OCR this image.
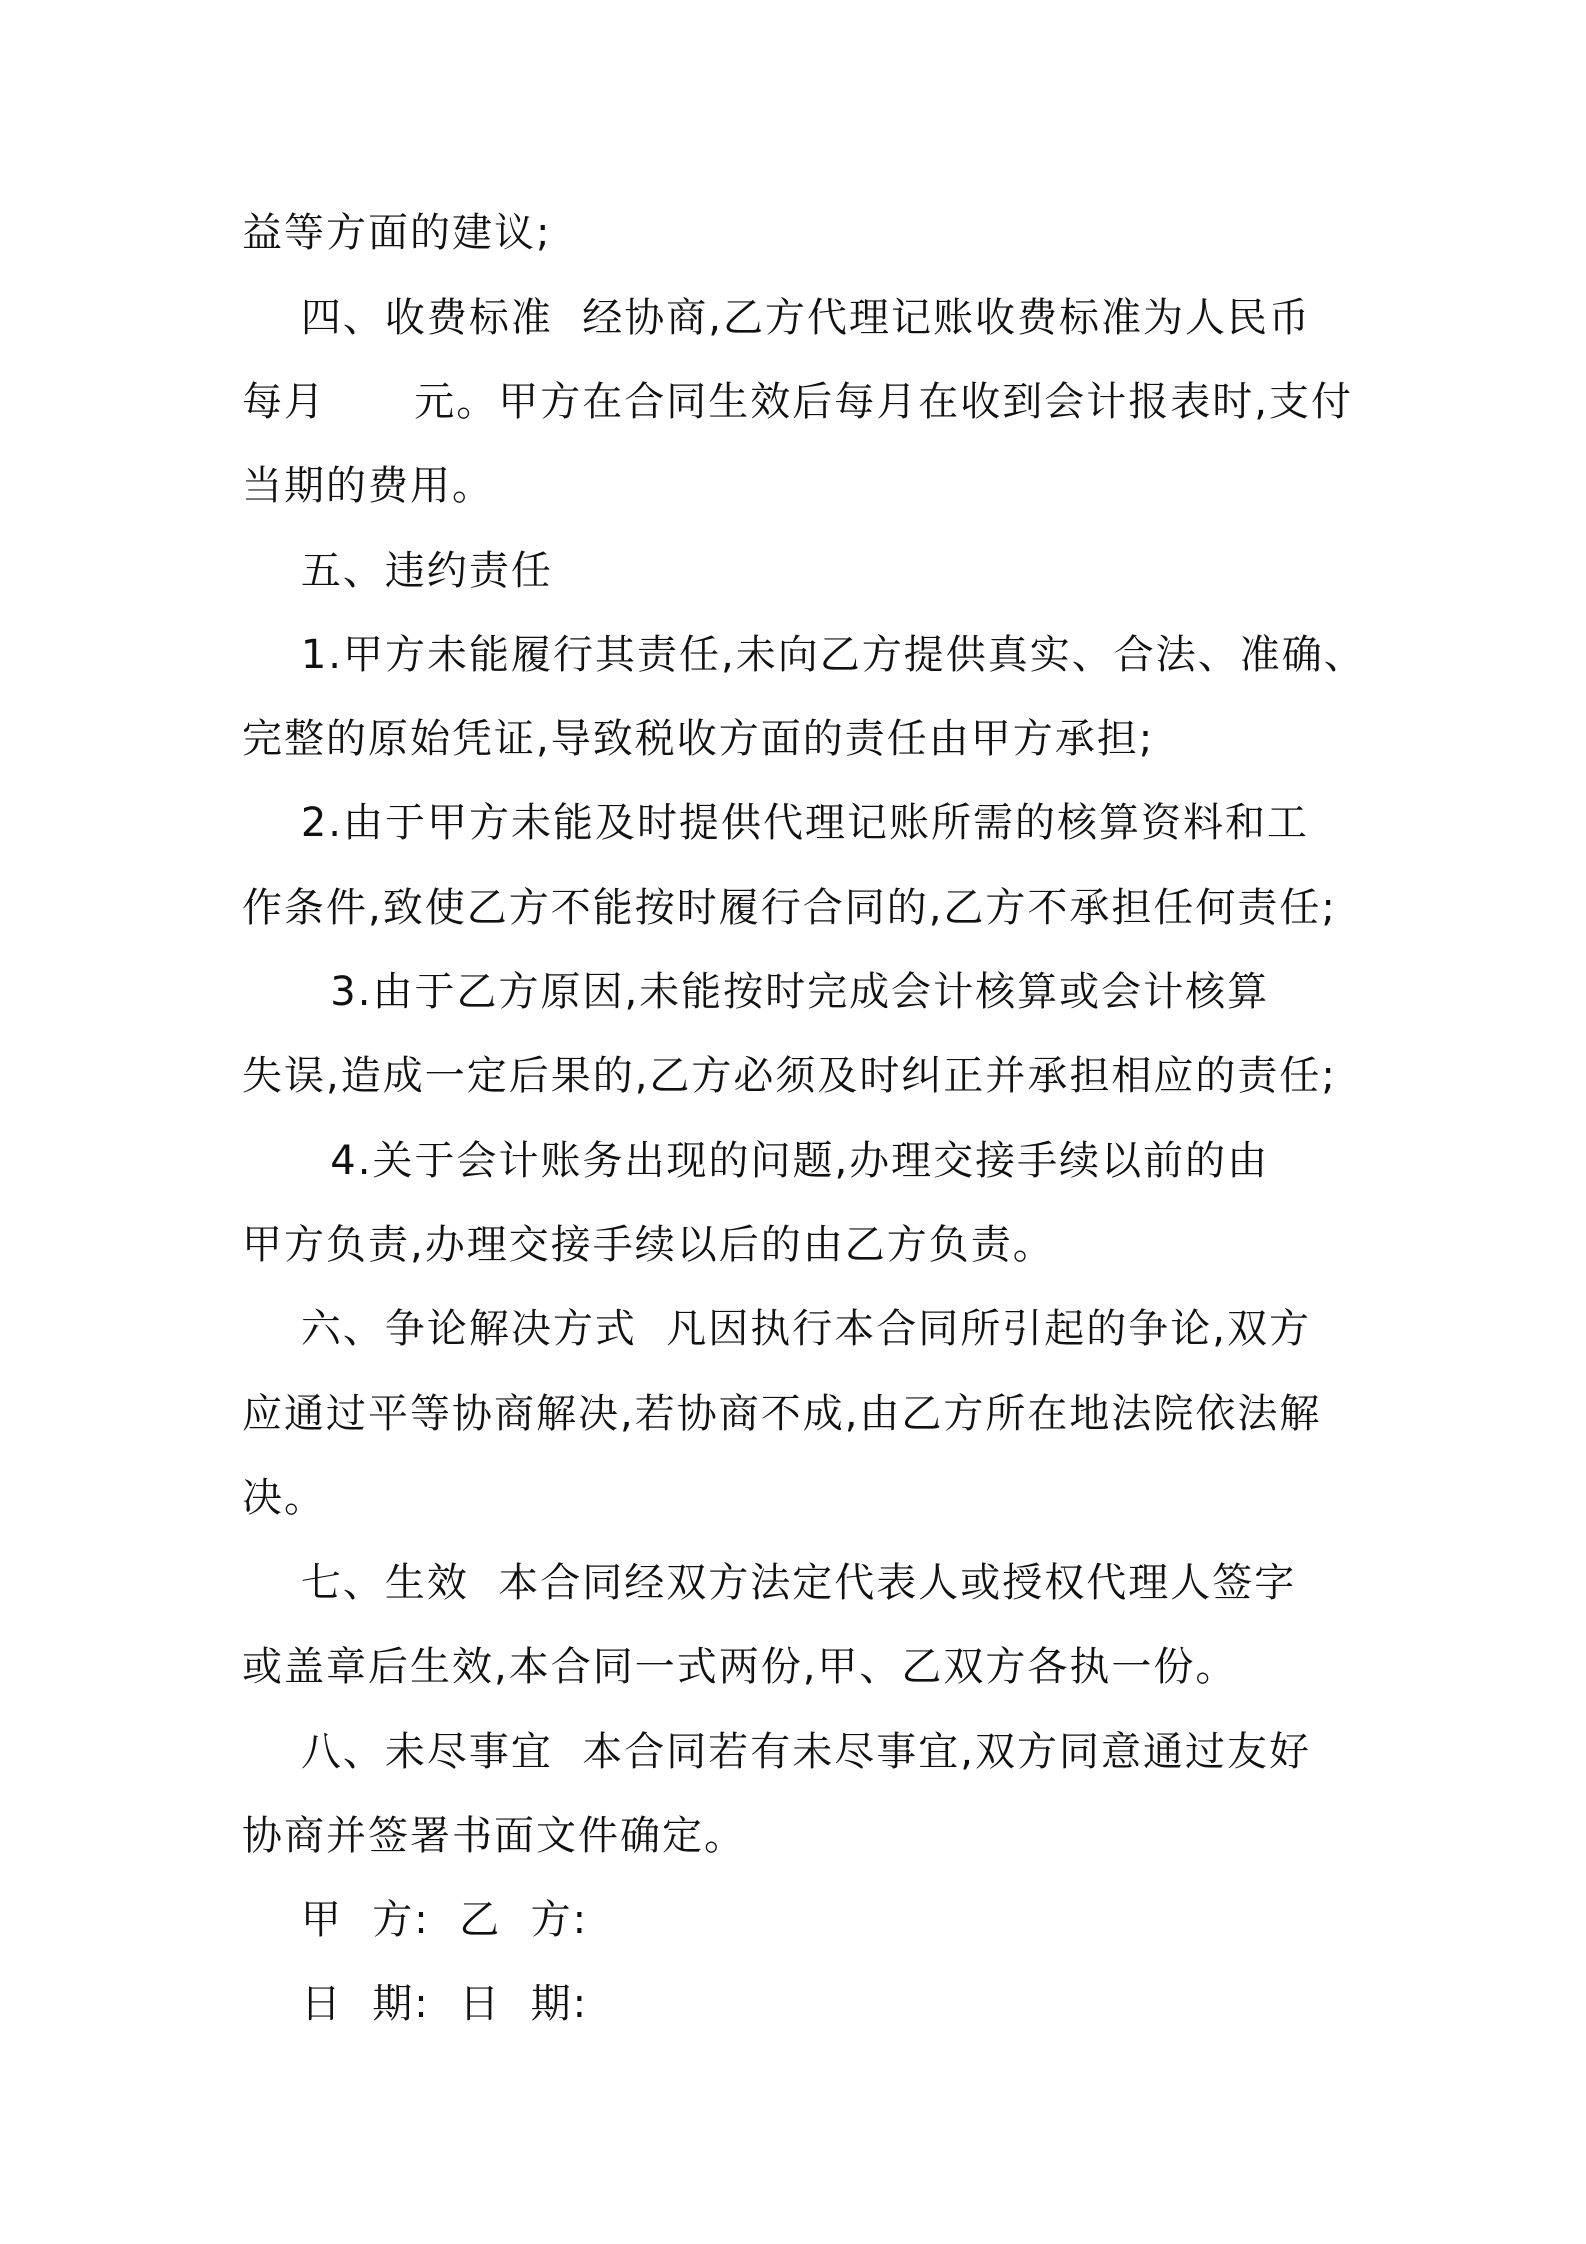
益等方面的建议;
四、收费标准  经协商,乙方代理记账收费标准为人民币
每月      元。甲方在合同生效后每月在收到会计报表时,支付
当期的费用。
五、违约责任
1.甲方未能履行其责任,未向乙方提供真实、合法、准确、
完整的原始凭证,导致税收方面的责任由甲方承担;
2.由于甲方未能及时提供代理记账所需的核算资料和工
作条件,致使乙方不能按时履行合同的,乙方不承担任何责任;
3.由于乙方原因,未能按时完成会计核算或会计核算
失误,造成一定后果的,乙方必须及时纠正并承担相应的责任;
4.关于会计账务出现的问题,办理交接手续以前的由
甲方负责,办理交接手续以后的由乙方负责。
六、争论解决方式  凡因执行本合同所引起的争论,双方
应通过平等协商解决,若协商不成,由乙方所在地法院依法解
决。
七、生效  本合同经双方法定代表人或授权代理人签字
或盖章后生效,本合同一式两份,甲、乙双方各执一份。
八、未尽事宜  本合同若有未尽事宜,双方同意通过友好
协商并签署书面文件确定。
甲  方:  乙  方:
日  期:  日  期:
